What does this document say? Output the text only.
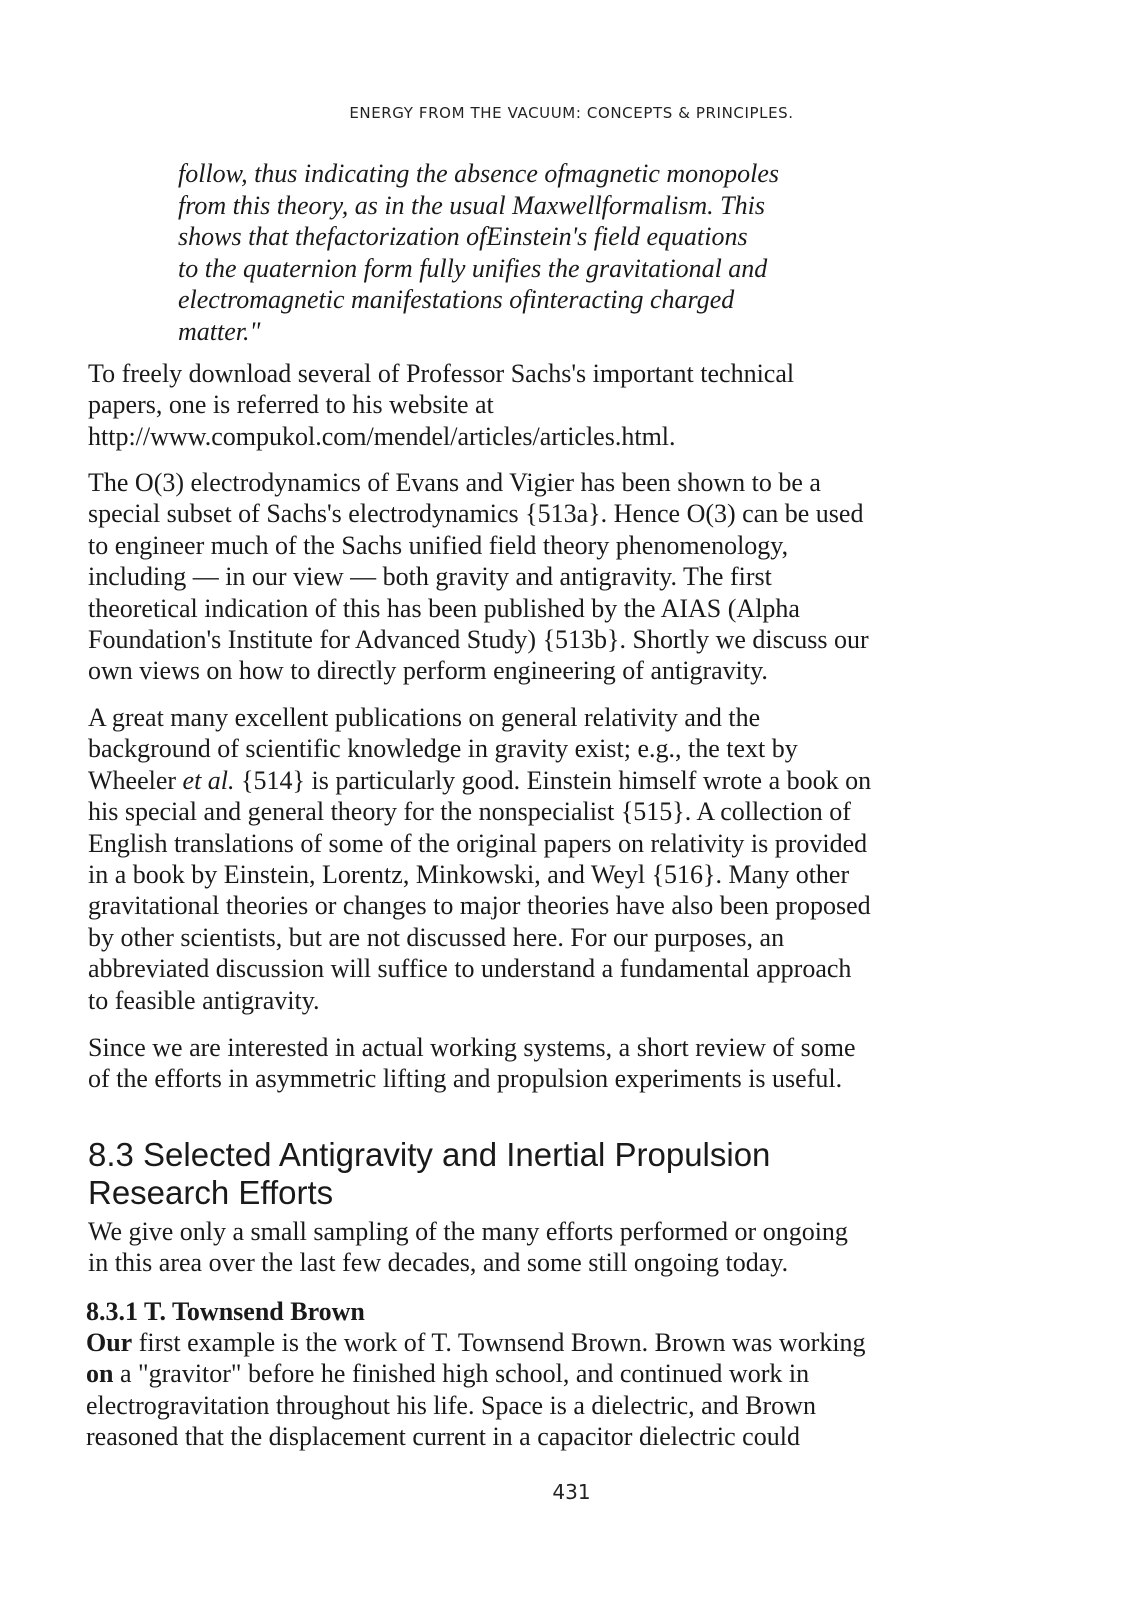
ENERGY FROM THE VACUUM: CONCEPTS & PRINCIPLES.
follow, thus indicating the absence ofmagnetic monopoles
from this theory, as in the usual Maxwellformalism. This
shows that thefactorization ofEinstein's field equations
to the quaternion form fully unifies the gravitational and
electromagnetic manifestations ofinteracting charged
matter."
To freely download several of Professor Sachs's important technical
papers, one is referred to his website at
http://www.compukol.com/mendel/articles/articles.html.
The O(3) electrodynamics of Evans and Vigier has been shown to be a
special subset of Sachs's electrodynamics {513a}. Hence O(3) can be used
to engineer much of the Sachs unified field theory phenomenology,
including — in our view — both gravity and antigravity. The first
theoretical indication of this has been published by the AIAS (Alpha
Foundation's Institute for Advanced Study) {513b}. Shortly we discuss our
own views on how to directly perform engineering of antigravity.
A great many excellent publications on general relativity and the
background of scientific knowledge in gravity exist; e.g., the text by
Wheeler et al. {514} is particularly good. Einstein himself wrote a book on
his special and general theory for the nonspecialist {515}. A collection of
English translations of some of the original papers on relativity is provided
in a book by Einstein, Lorentz, Minkowski, and Weyl {516}. Many other
gravitational theories or changes to major theories have also been proposed
by other scientists, but are not discussed here. For our purposes, an
abbreviated discussion will suffice to understand a fundamental approach
to feasible antigravity.
Since we are interested in actual working systems, a short review of some
of the efforts in asymmetric lifting and propulsion experiments is useful.
8.3 Selected Antigravity and Inertial Propulsion
Research Efforts
We give only a small sampling of the many efforts performed or ongoing
in this area over the last few decades, and some still ongoing today.
8.3.1 T. Townsend Brown
Our first example is the work of T. Townsend Brown. Brown was working
on a "gravitor" before he finished high school, and continued work in
electrogravitation throughout his life. Space is a dielectric, and Brown
reasoned that the displacement current in a capacitor dielectric could
431
